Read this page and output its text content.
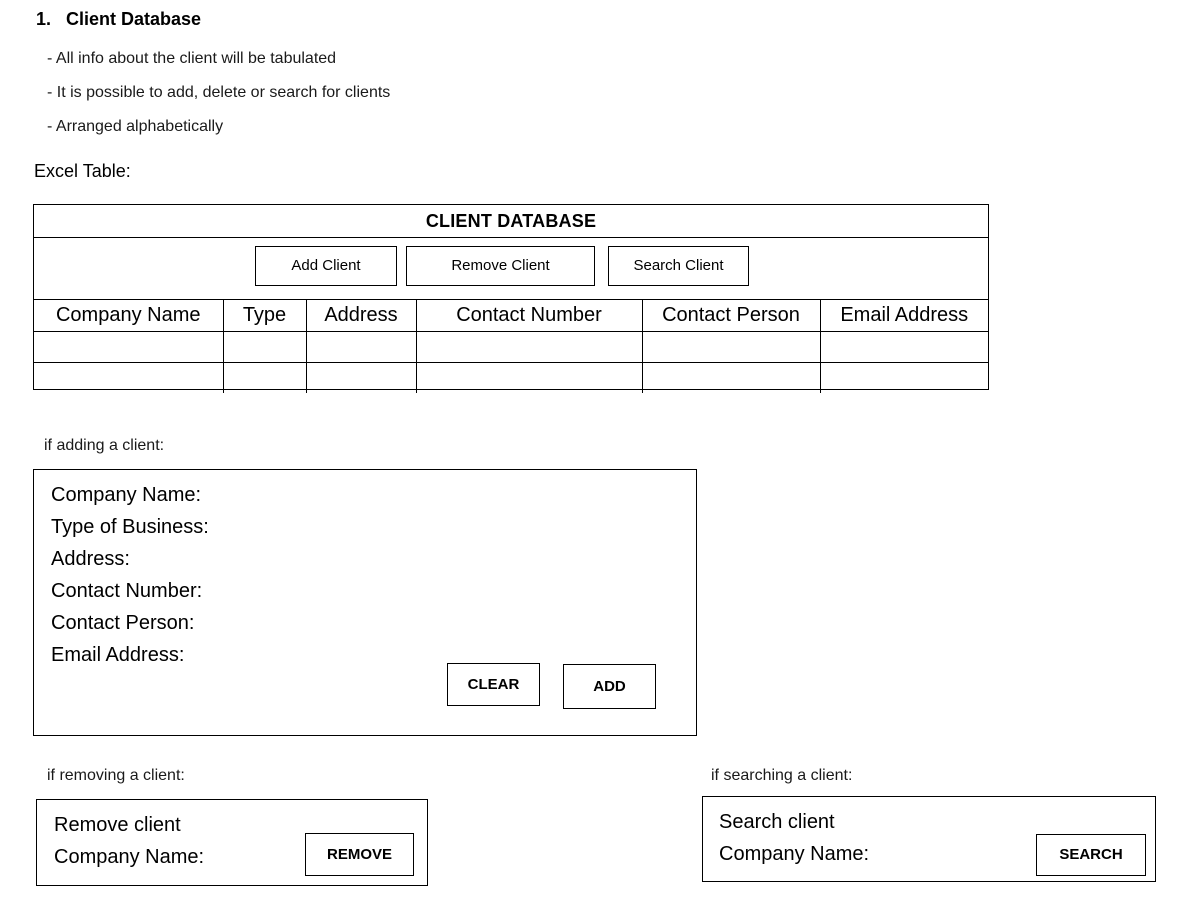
1. Client Database
- All info about the client will be tabulated
- It is possible to add, delete or search for clients
- Arranged alphabetically
Excel Table:
CLIENT DATABASE
Add Client	Remove Client	Search Client
Company Name	Type	Address	Contact Number	Contact Person	Email Address

if adding a client:
Company Name:
Type of Business:
Address:
Contact Number:
Contact Person:
Email Address:
CLEAR	ADD
if removing a client:
Remove client
Company Name:	REMOVE
if searching a client:
Search client
Company Name:	SEARCH
